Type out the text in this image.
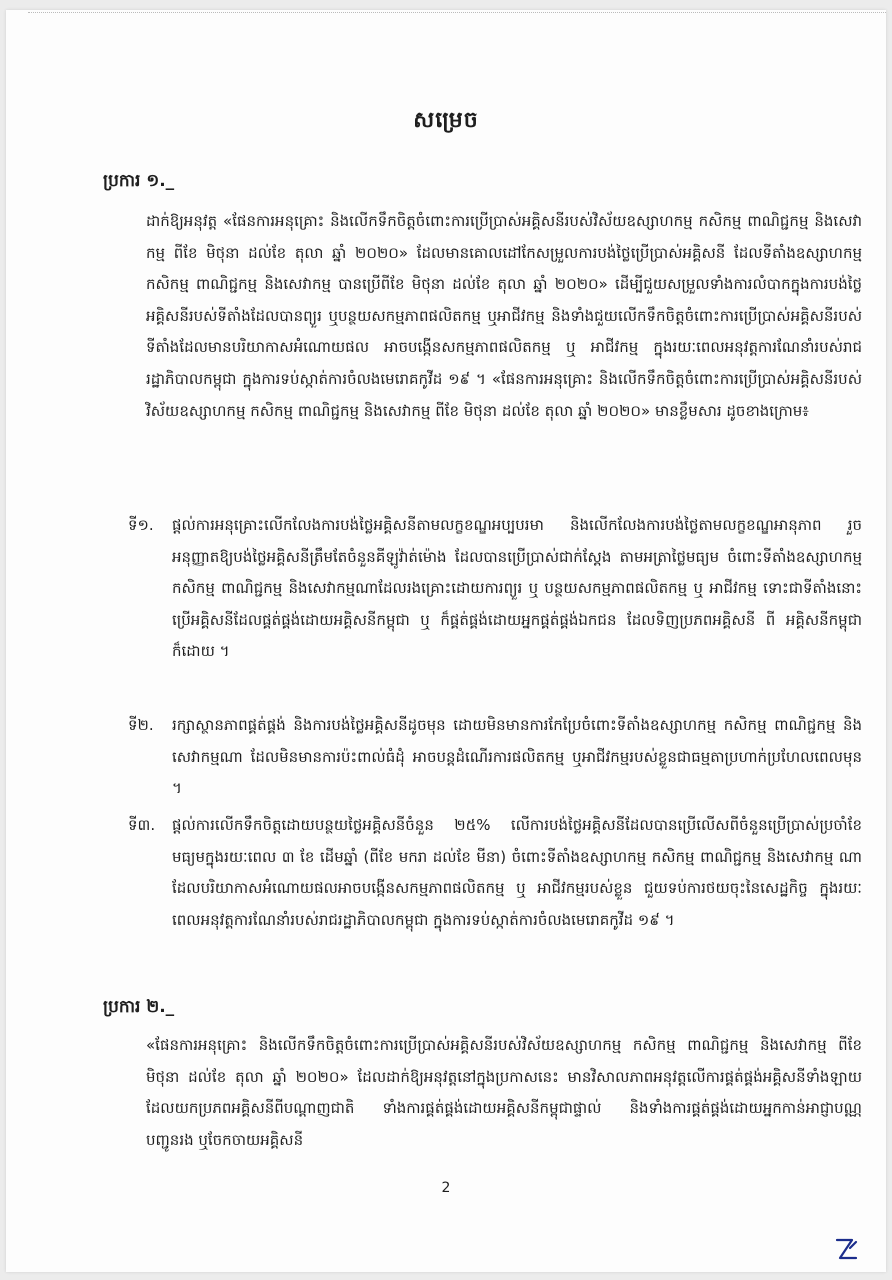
សម្រេច
ប្រការ ១._

ដាក់ឱ្យអនុវត្ត «ផែនការអនុគ្រោះ និងលើកទឹកចិត្តចំពោះការប្រើប្រាស់អគ្គិសនីរបស់វិស័យឧស្សាហកម្ម កសិកម្ម ពាណិជ្ជកម្ម និងសេវាកម្ម ពីខែ មិថុនា ដល់ខែ តុលា ឆ្នាំ ២០២០» ដែលមានគោលដៅកែសម្រួលការបង់ថ្លៃប្រើប្រាស់អគ្គិសនី ដែលទីតាំងឧស្សាហកម្ម កសិកម្ម ពាណិជ្ជកម្ម និងសេវាកម្ម បានប្រើពីខែ មិថុនា ដល់ខែ តុលា ឆ្នាំ ២០២០» ដើម្បីជួយសម្រួលទាំងការលំបាកក្នុងការបង់ថ្លៃអគ្គិសនីរបស់ទីតាំងដែលបានព្យួរ ឬបន្ថយសកម្មភាពផលិតកម្ម ឬអាជីវកម្ម និងទាំងជួយលើកទឹកចិត្តចំពោះការប្រើប្រាស់អគ្គិសនីរបស់ទីតាំងដែលមានបរិយាកាសអំណោយផល អាចបង្កើនសកម្មភាពផលិតកម្ម ឬ អាជីវកម្ម ក្នុងរយៈពេលអនុវត្តការណែនាំរបស់រាជរដ្ឋាភិបាលកម្ពុជា ក្នុងការទប់ស្កាត់ការចំលងមេរោគកូវីដ ១៩ ។ «ផែនការអនុគ្រោះ និងលើកទឹកចិត្តចំពោះការប្រើប្រាស់អគ្គិសនីរបស់វិស័យឧស្សាហកម្ម កសិកម្ម ពាណិជ្ជកម្ម និងសេវាកម្ម ពីខែ មិថុនា ដល់ខែ តុលា ឆ្នាំ ២០២០» មានខ្លឹមសារ ដូចខាងក្រោម៖

ទី១.	ផ្តល់ការអនុគ្រោះលើកលែងការបង់ថ្លៃអគ្គិសនីតាមលក្ខខណ្ឌអប្បបរមា និងលើកលែងការបង់ថ្លៃតាមលក្ខខណ្ឌអានុភាព រួចអនុញ្ញាតឱ្យបង់ថ្លៃអគ្គិសនីត្រឹមតែចំនួនគីឡូវ៉ាត់ម៉ោង ដែលបានប្រើប្រាស់ជាក់ស្តែង តាមអត្រាថ្លៃមធ្យម ចំពោះទីតាំងឧស្សាហកម្ម កសិកម្ម ពាណិជ្ជកម្ម និងសេវាកម្មណាដែលរងគ្រោះដោយការព្យួរ ឬ បន្ថយសកម្មភាពផលិតកម្ម ឬ អាជីវកម្ម ទោះជាទីតាំងនោះប្រើអគ្គិសនីដែលផ្គត់ផ្គង់ដោយអគ្គិសនីកម្ពុជា ឬ ក៏ផ្គត់ផ្គង់ដោយអ្នកផ្គត់ផ្គង់ឯកជន ដែលទិញប្រភពអគ្គិសនី ពី អគ្គិសនីកម្ពុជា ក៏ដោយ ។

ទី២.	រក្សាស្ថានភាពផ្គត់ផ្គង់ និងការបង់ថ្លៃអគ្គិសនីដូចមុន ដោយមិនមានការកែប្រែចំពោះទីតាំងឧស្សាហកម្ម កសិកម្ម ពាណិជ្ជកម្ម និងសេវាកម្មណា ដែលមិនមានការប៉ះពាល់ធំដុំ អាចបន្តដំណើរការផលិតកម្ម ឬអាជីវកម្មរបស់ខ្លួនជាធម្មតាប្រហាក់ប្រហែលពេលមុន ។

ទី៣.	ផ្តល់ការលើកទឹកចិត្តដោយបន្ថយថ្លៃអគ្គិសនីចំនួន ២៥% លើការបង់ថ្លៃអគ្គិសនីដែលបានប្រើលើសពីចំនួនប្រើប្រាស់ប្រចាំខែមធ្យមក្នុងរយៈពេល ៣ ខែ ដើមឆ្នាំ (ពីខែ មករា ដល់ខែ មីនា) ចំពោះទីតាំងឧស្សាហកម្ម កសិកម្ម ពាណិជ្ជកម្ម និងសេវាកម្ម ណា ដែលបរិយាកាសអំណោយផលអាចបង្កើនសកម្មភាពផលិតកម្ម ឬ អាជីវកម្មរបស់ខ្លួន ជួយទប់ការថយចុះនៃសេដ្ឋកិច្ច ក្នុងរយៈពេលអនុវត្តការណែនាំរបស់រាជរដ្ឋាភិបាលកម្ពុជា ក្នុងការទប់ស្កាត់ការចំលងមេរោគកូវីដ ១៩ ។

ប្រការ ២._

«ផែនការអនុគ្រោះ និងលើកទឹកចិត្តចំពោះការប្រើប្រាស់អគ្គិសនីរបស់វិស័យឧស្សាហកម្ម កសិកម្ម ពាណិជ្ជកម្ម និងសេវាកម្ម ពីខែ មិថុនា ដល់ខែ តុលា ឆ្នាំ ២០២០» ដែលដាក់ឱ្យអនុវត្តនៅក្នុងប្រកាសនេះ មានវិសាលភាពអនុវត្តលើការផ្គត់ផ្គង់អគ្គិសនីទាំងឡាយ ដែលយកប្រភពអគ្គិសនីពីបណ្តាញជាតិ ទាំងការផ្គត់ផ្គង់ដោយអគ្គិសនីកម្ពុជាផ្ទាល់ និងទាំងការផ្គត់ផ្គង់ដោយអ្នកកាន់អាជ្ញាបណ្ណបញ្ជូនរង ឬចែកចាយអគ្គិសនី

2
